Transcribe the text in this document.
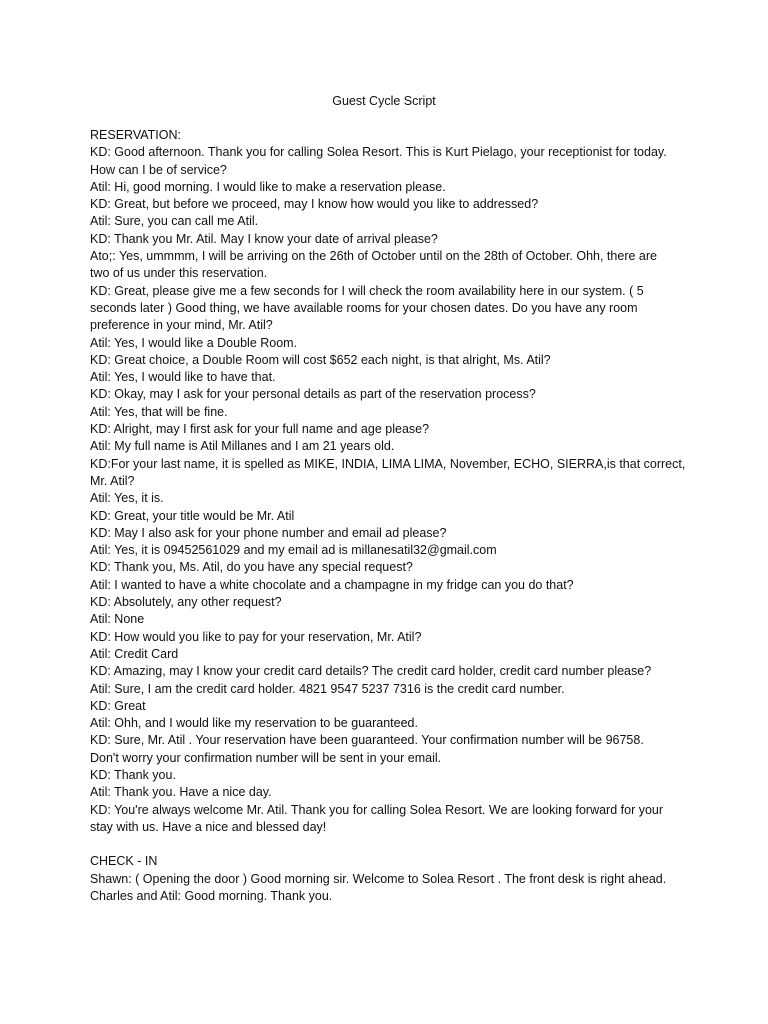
Guest Cycle Script
RESERVATION:
KD: Good afternoon. Thank you for calling Solea Resort. This is Kurt Pielago, your receptionist for today.
How can I be of service?
Atil: Hi, good morning. I would like to make a reservation please.
KD: Great, but before we proceed, may I know how would you like to addressed?
Atil: Sure, you can call me Atil.
KD: Thank you Mr. Atil. May I know your date of arrival please?
Ato;: Yes, ummmm, I will be arriving on the 26th of October until on the 28th of October. Ohh, there are
two of us under this reservation.
KD: Great, please give me a few seconds for I will check the room availability here in our system. ( 5
seconds later ) Good thing, we have available rooms for your chosen dates. Do you have any room
preference in your mind, Mr. Atil?
Atil: Yes, I would like a Double Room.
KD: Great choice, a Double Room will cost $652 each night, is that alright, Ms. Atil?
Atil: Yes, I would like to have that.
KD: Okay, may I ask for your personal details as part of the reservation process?
Atil: Yes, that will be fine.
KD: Alright, may I first ask for your full name and age please?
Atil: My full name is Atil Millanes and I am 21 years old.
KD:For your last name, it is spelled as MIKE, INDIA, LIMA LIMA, November, ECHO, SIERRA,is that correct,
Mr. Atil?
Atil: Yes, it is.
KD: Great, your title would be Mr. Atil
KD: May I also ask for your phone number and email ad please?
Atil: Yes, it is 09452561029 and my email ad is millanesatil32@gmail.com
KD: Thank you, Ms. Atil, do you have any special request?
Atil: I wanted to have a white chocolate and a champagne in my fridge can you do that?
KD: Absolutely, any other request?
Atil: None
KD: How would you like to pay for your reservation, Mr. Atil?
Atil: Credit Card
KD: Amazing, may I know your credit card details? The credit card holder, credit card number please?
Atil: Sure, I am the credit card holder. 4821 9547 5237 7316 is the credit card number.
KD: Great
Atil: Ohh, and I would like my reservation to be guaranteed.
KD: Sure, Mr. Atil . Your reservation have been guaranteed. Your confirmation number will be 96758.
Don't worry your confirmation number will be sent in your email.
KD: Thank you.
Atil: Thank you. Have a nice day.
KD: You're always welcome Mr. Atil. Thank you for calling Solea Resort. We are looking forward for your
stay with us. Have a nice and blessed day!
CHECK - IN
Shawn: ( Opening the door ) Good morning sir. Welcome to Solea Resort . The front desk is right ahead.
Charles and Atil: Good morning. Thank you.
